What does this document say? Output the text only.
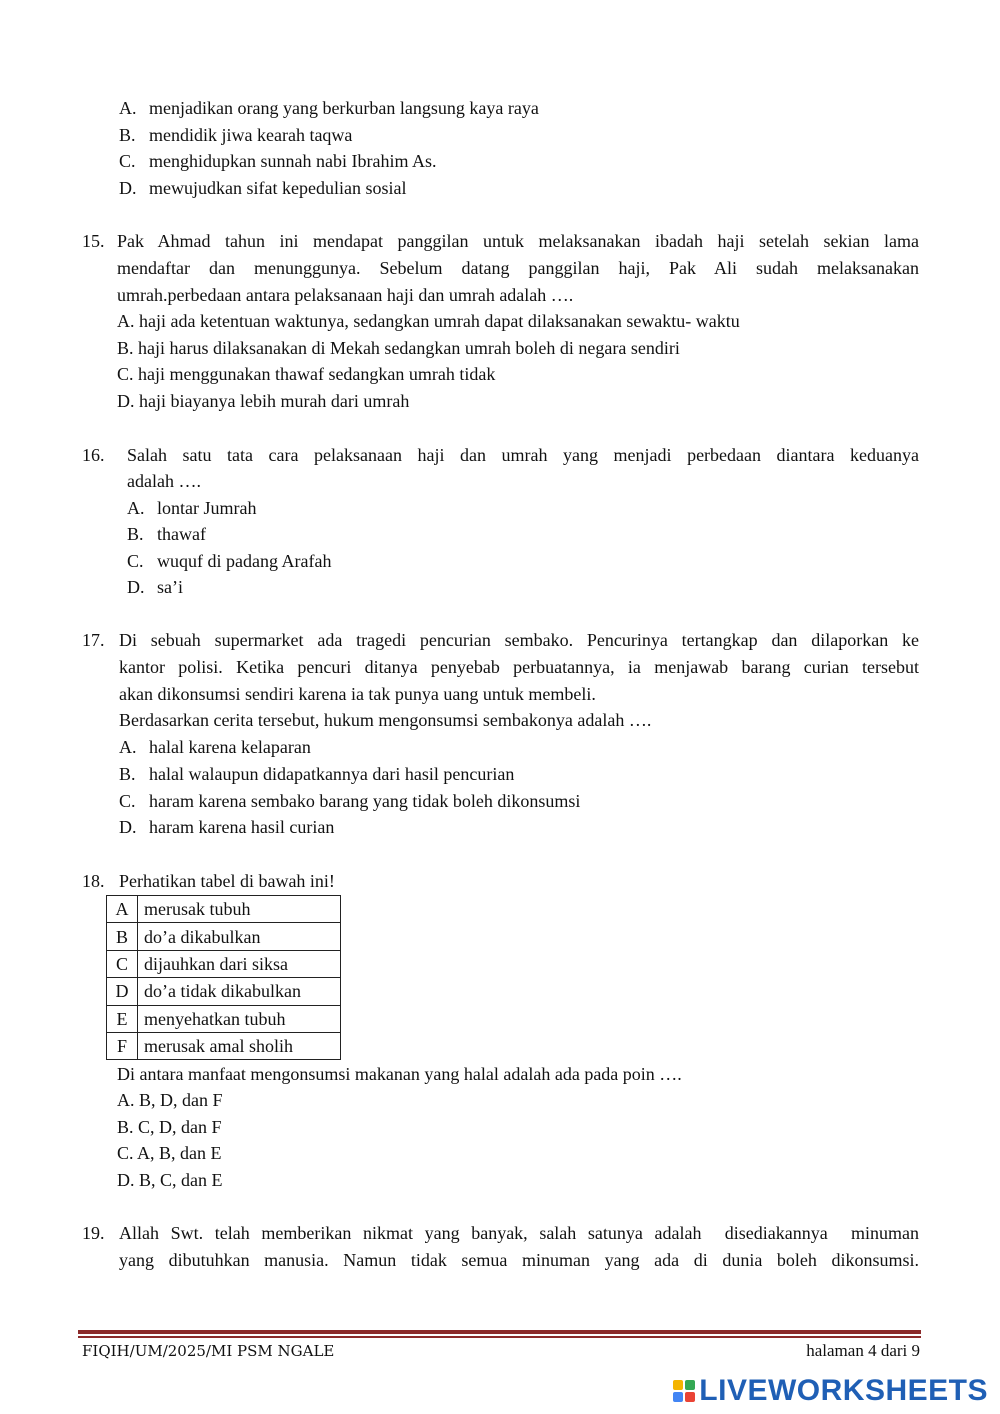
A. menjadikan orang yang berkurban langsung kaya raya
B. mendidik jiwa kearah taqwa
C. menghidupkan sunnah nabi Ibrahim As.
D. mewujudkan sifat kepedulian sosial
15. Pak Ahmad tahun ini mendapat panggilan untuk melaksanakan ibadah haji setelah sekian lama
mendaftar dan menunggunya. Sebelum datang panggilan haji, Pak Ali sudah melaksanakan
umrah.perbedaan antara pelaksanaan haji dan umrah adalah ….
A. haji ada ketentuan waktunya, sedangkan umrah dapat dilaksanakan sewaktu- waktu
B. haji harus dilaksanakan di Mekah sedangkan umrah boleh di negara sendiri
C. haji menggunakan thawaf sedangkan umrah tidak
D. haji biayanya lebih murah dari umrah
16. Salah satu tata cara pelaksanaan haji dan umrah yang menjadi perbedaan diantara keduanya
adalah ….
A. lontar Jumrah
B. thawaf
C. wuquf di padang Arafah
D. sa’i
17. Di sebuah supermarket ada tragedi pencurian sembako. Pencurinya tertangkap dan dilaporkan ke
kantor polisi. Ketika pencuri ditanya penyebab perbuatannya, ia menjawab barang curian tersebut
akan dikonsumsi sendiri karena ia tak punya uang untuk membeli.
Berdasarkan cerita tersebut, hukum mengonsumsi sembakonya adalah ….
A. halal karena kelaparan
B. halal walaupun didapatkannya dari hasil pencurian
C. haram karena sembako barang yang tidak boleh dikonsumsi
D. haram karena hasil curian
18. Perhatikan tabel di bawah ini!
A	merusak tubuh
B	do’a dikabulkan
C	dijauhkan dari siksa
D	do’a tidak dikabulkan
E	menyehatkan tubuh
F	merusak amal sholih
Di antara manfaat mengonsumsi makanan yang halal adalah ada pada poin ….
A. B, D, dan F
B. C, D, dan F
C. A, B, dan E
D. B, C, dan E
19. Allah Swt. telah memberikan nikmat yang banyak, salah satunya adalah  disediakannya  minuman
yang dibutuhkan manusia. Namun tidak semua minuman yang ada di dunia boleh dikonsumsi.
FIQIH/UM/2025/MI PSM NGALE	halaman 4 dari 9
LIVEWORKSHEETS
